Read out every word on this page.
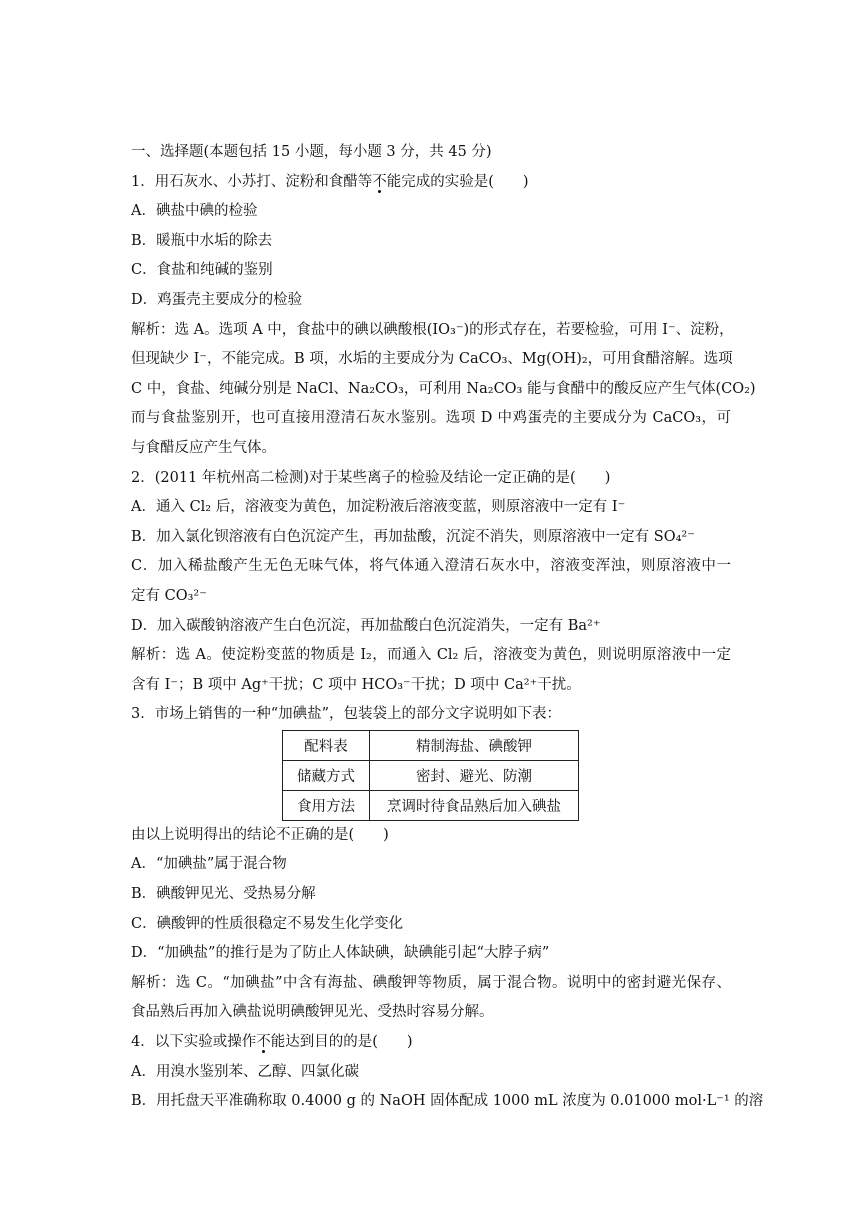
一、选择题(本题包括 15 小题，每小题 3 分，共 45 分)
1．用石灰水、小苏打、淀粉和食醋等不能完成的实验是(　　)
A．碘盐中碘的检验
B．暖瓶中水垢的除去
C．食盐和纯碱的鉴别
D．鸡蛋壳主要成分的检验
解析：选 A。选项 A 中，食盐中的碘以碘酸根(IO₃⁻)的形式存在，若要检验，可用 I⁻、淀粉，
但现缺少 I⁻，不能完成。B 项，水垢的主要成分为 CaCO₃、Mg(OH)₂，可用食醋溶解。选项
C 中，食盐、纯碱分别是 NaCl、Na₂CO₃，可利用 Na₂CO₃ 能与食醋中的酸反应产生气体(CO₂)
而与食盐鉴别开，也可直接用澄清石灰水鉴别。选项 D 中鸡蛋壳的主要成分为 CaCO₃，可
与食醋反应产生气体。
2．(2011 年杭州高二检测)对于某些离子的检验及结论一定正确的是(　　)
A．通入 Cl₂ 后，溶液变为黄色，加淀粉液后溶液变蓝，则原溶液中一定有 I⁻
B．加入氯化钡溶液有白色沉淀产生，再加盐酸，沉淀不消失，则原溶液中一定有 SO₄²⁻
C．加入稀盐酸产生无色无味气体，将气体通入澄清石灰水中，溶液变浑浊，则原溶液中一
定有 CO₃²⁻
D．加入碳酸钠溶液产生白色沉淀，再加盐酸白色沉淀消失，一定有 Ba²⁺
解析：选 A。使淀粉变蓝的物质是 I₂，而通入 Cl₂ 后，溶液变为黄色，则说明原溶液中一定
含有 I⁻；B 项中 Ag⁺干扰；C 项中 HCO₃⁻干扰；D 项中 Ca²⁺干扰。
3．市场上销售的一种“加碘盐”，包装袋上的部分文字说明如下表：
配料表	精制海盐、碘酸钾
储藏方式	密封、避光、防潮
食用方法	烹调时待食品熟后加入碘盐
由以上说明得出的结论不正确的是(　　)
A．“加碘盐”属于混合物
B．碘酸钾见光、受热易分解
C．碘酸钾的性质很稳定不易发生化学变化
D．“加碘盐”的推行是为了防止人体缺碘，缺碘能引起“大脖子病”
解析：选 C。“加碘盐”中含有海盐、碘酸钾等物质，属于混合物。说明中的密封避光保存、
食品熟后再加入碘盐说明碘酸钾见光、受热时容易分解。
4．以下实验或操作不能达到目的的是(　　)
A．用溴水鉴别苯、乙醇、四氯化碳
B．用托盘天平准确称取 0.4000 g 的 NaOH 固体配成 1000 mL 浓度为 0.01000 mol·L⁻¹ 的溶
